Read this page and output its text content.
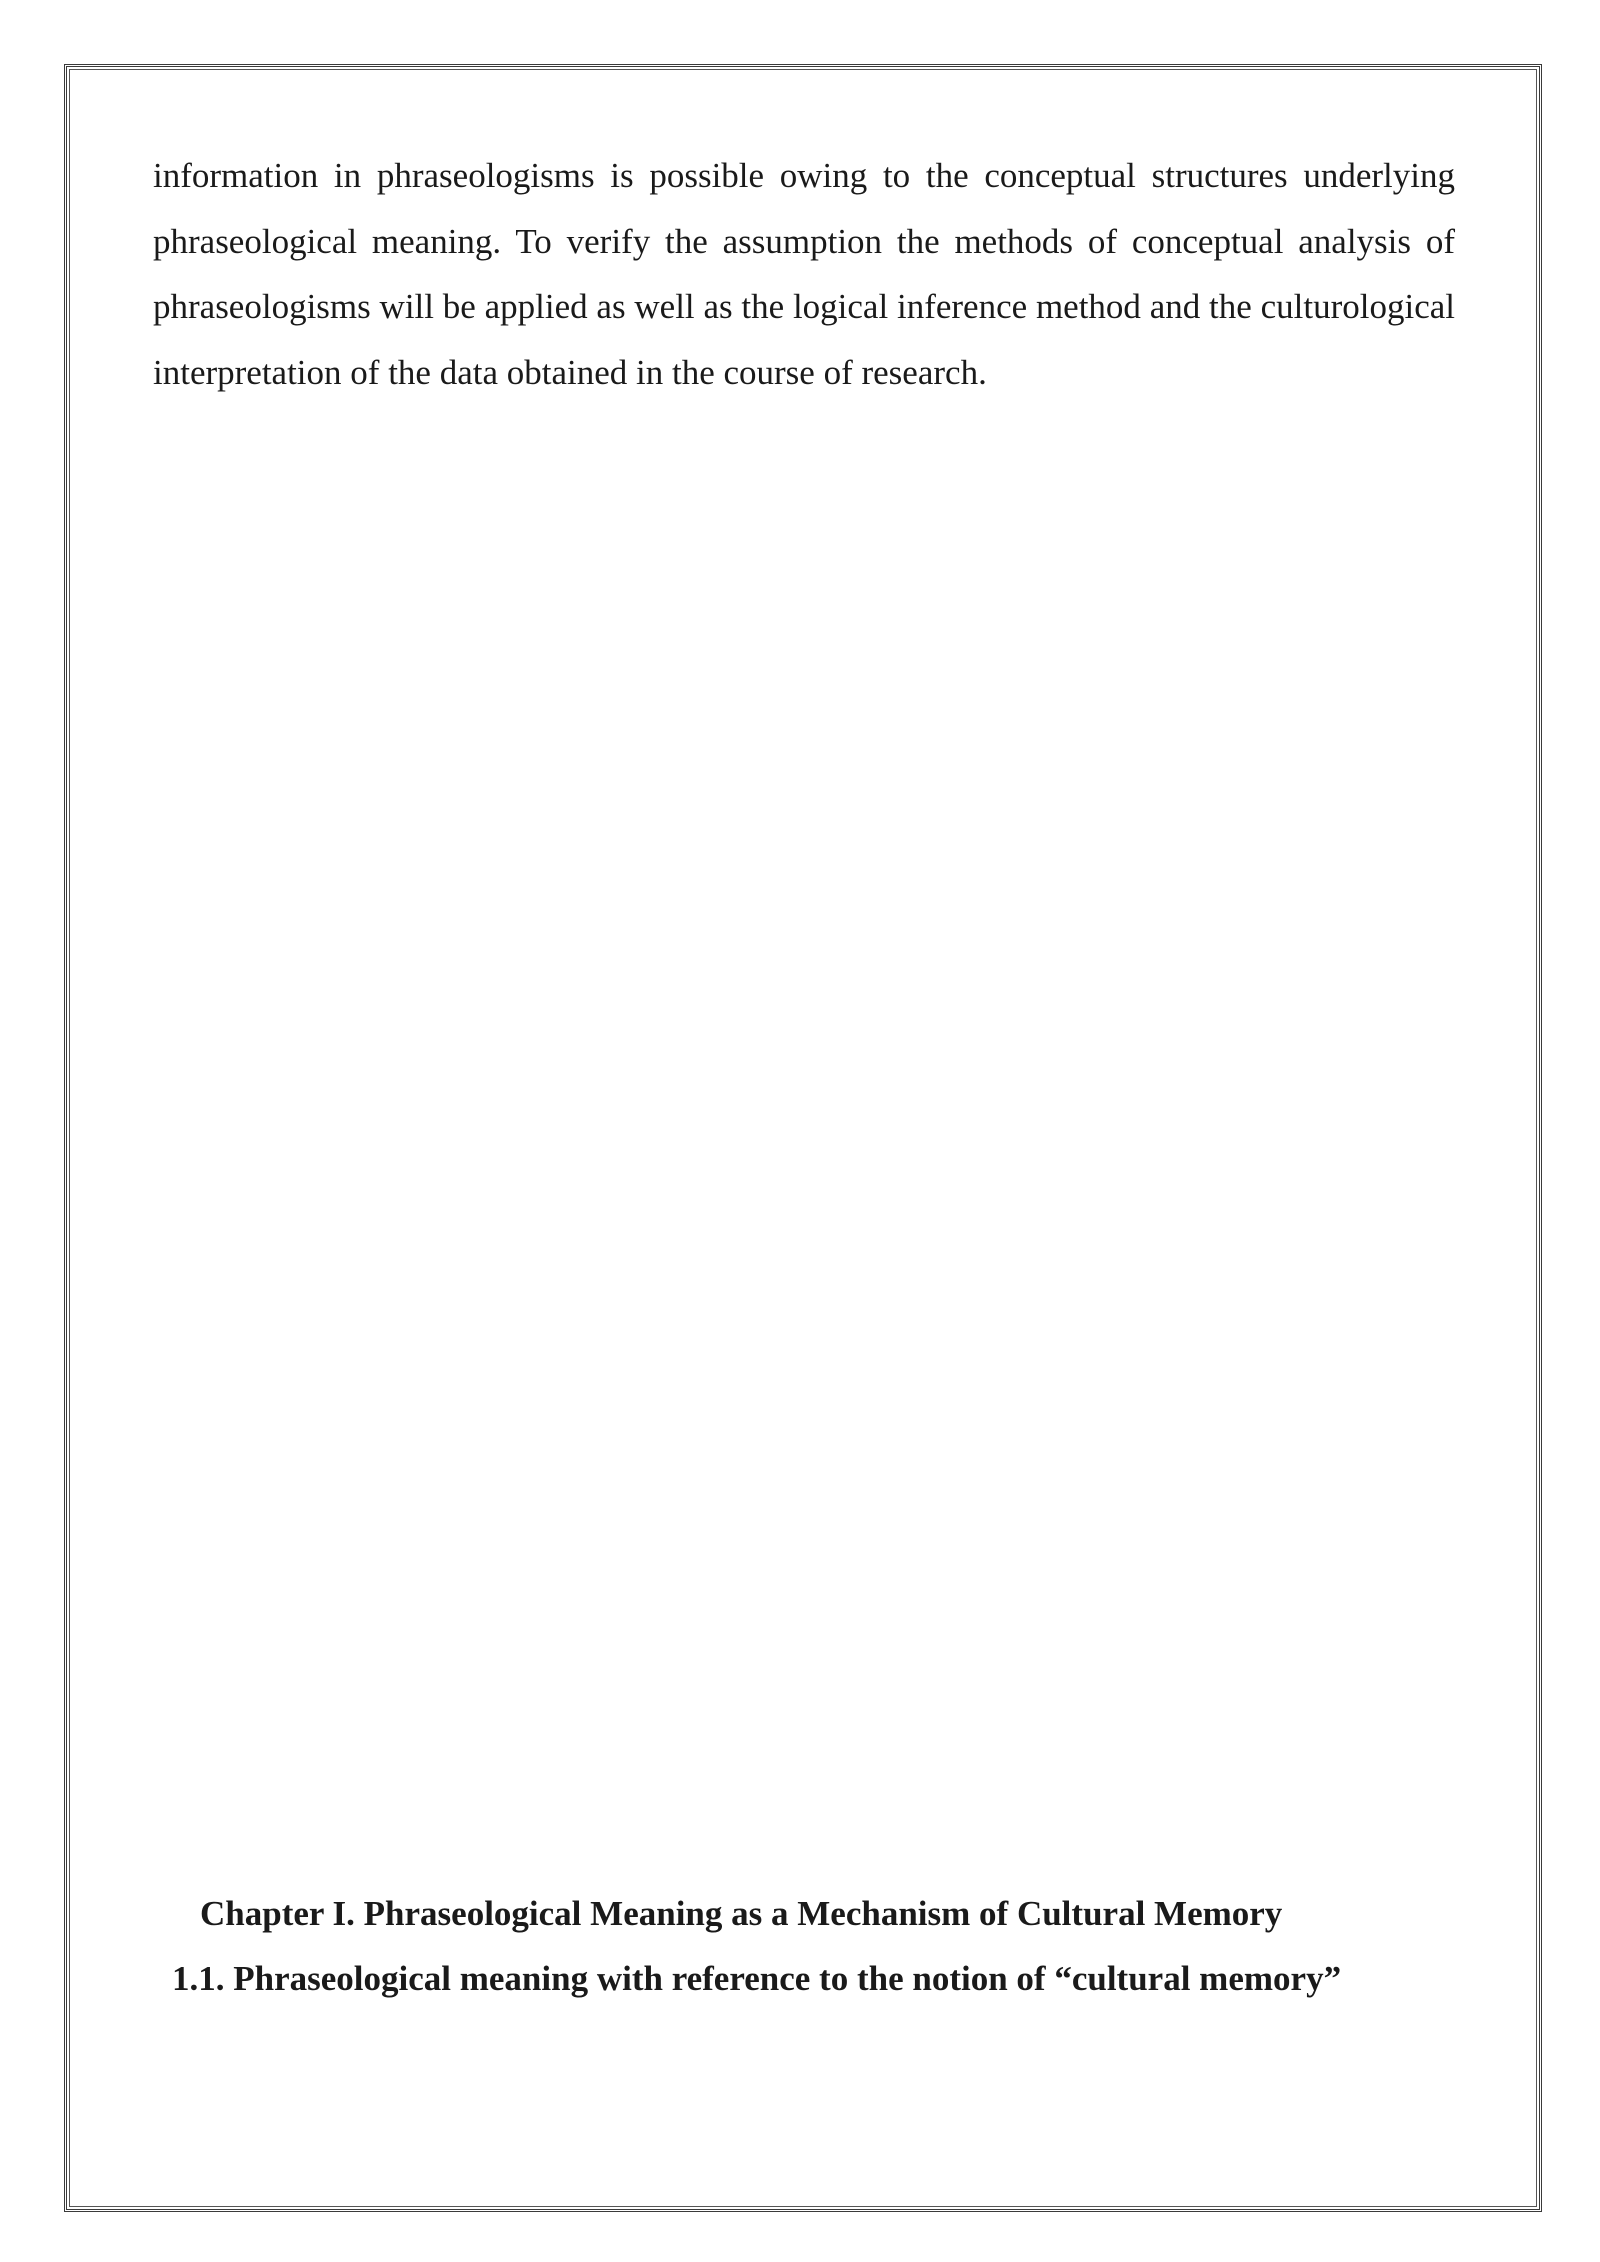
information in phraseologisms is possible owing to the conceptual structures underlying phraseological meaning. To verify the assumption the methods of conceptual analysis of phraseologisms will be applied as well as the logical inference method and the culturological interpretation of the data obtained in the course of research.

Chapter I. Phraseological Meaning as a Mechanism of Cultural Memory
1.1. Phraseological meaning with reference to the notion of “cultural memory”
